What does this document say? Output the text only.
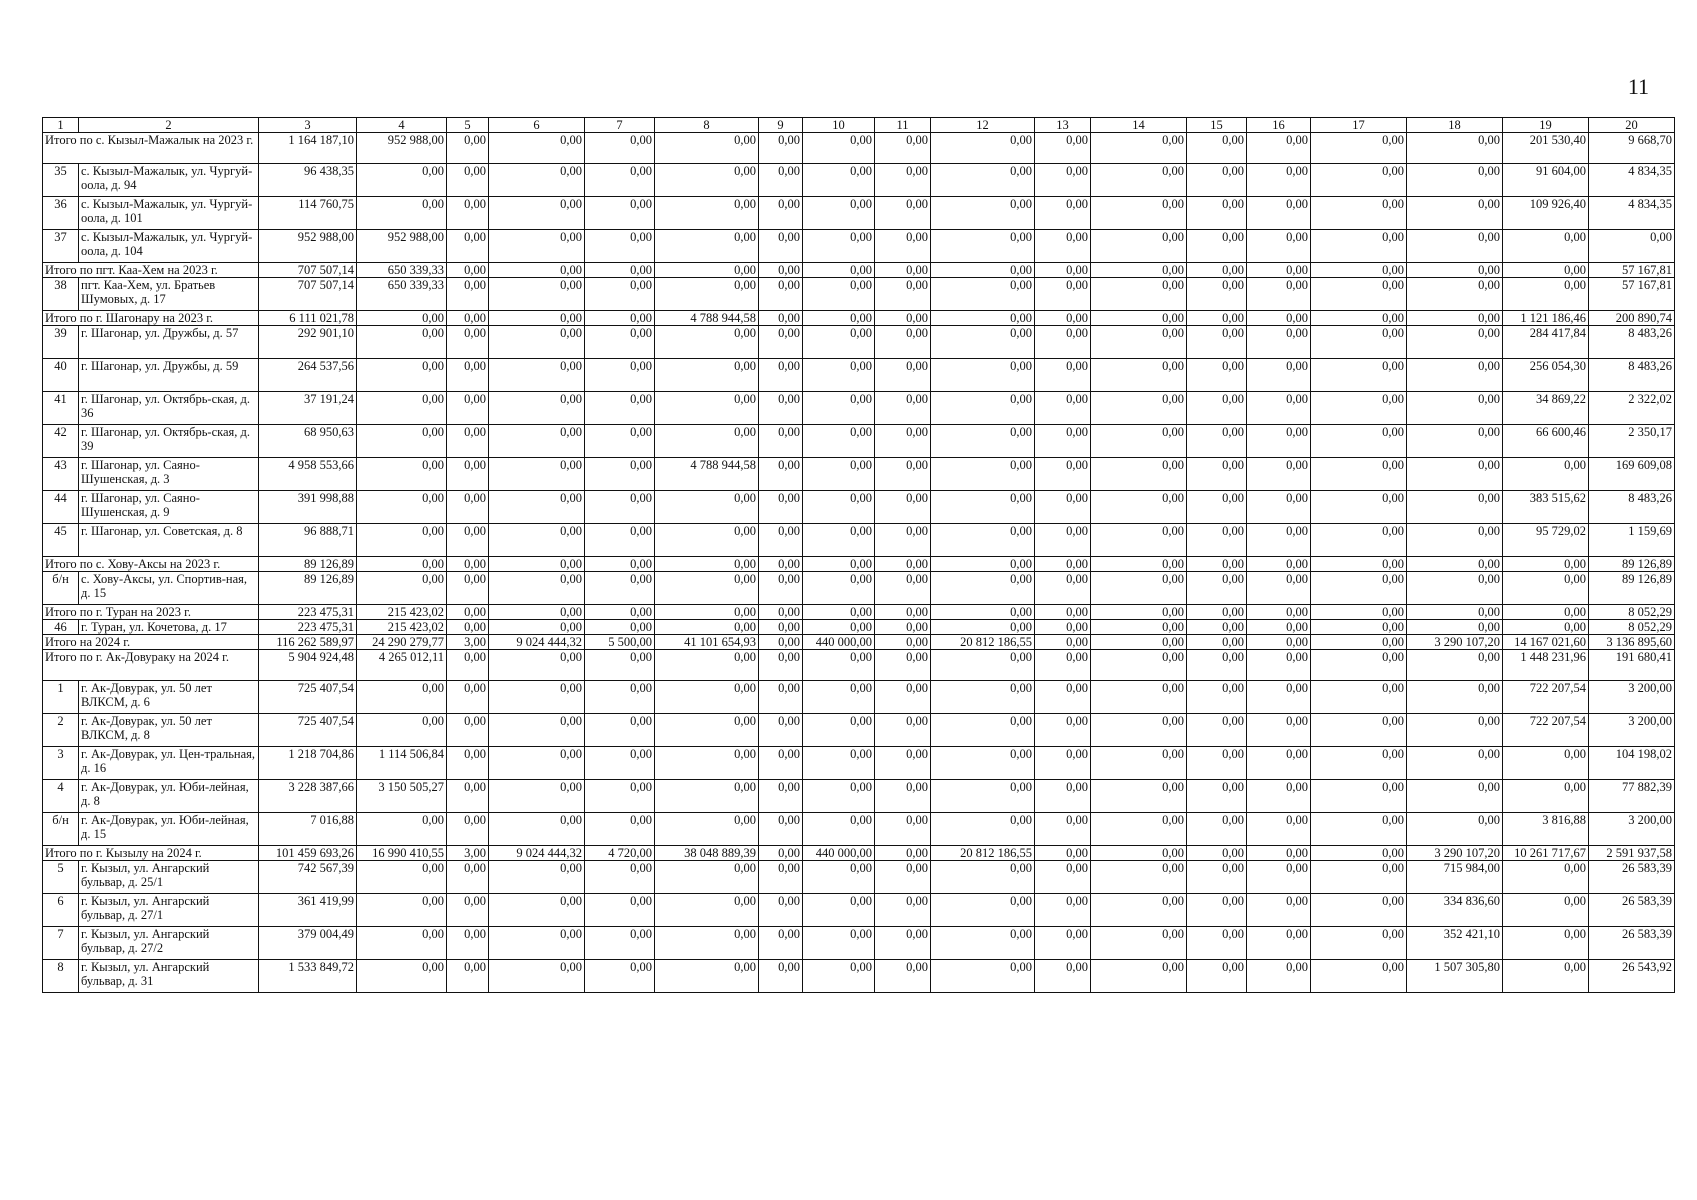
11
1	2	3	4	5	6	7	8	9	10	11	12	13	14	15	16	17	18	19	20
Итого по с. Кызыл-Мажалык на 2023 г.		1 164 187,10	952 988,00	0,00	0,00	0,00	0,00	0,00	0,00	0,00	0,00	0,00	0,00	0,00	0,00	0,00	0,00	201 530,40	9 668,70
35	с. Кызыл-Мажалык, ул. Чургуй-оола, д. 94	96 438,35	0,00	0,00	0,00	0,00	0,00	0,00	0,00	0,00	0,00	0,00	0,00	0,00	0,00	0,00	0,00	91 604,00	4 834,35
36	с. Кызыл-Мажалык, ул. Чургуй-оола, д. 101	114 760,75	0,00	0,00	0,00	0,00	0,00	0,00	0,00	0,00	0,00	0,00	0,00	0,00	0,00	0,00	0,00	109 926,40	4 834,35
37	с. Кызыл-Мажалык, ул. Чургуй-оола, д. 104	952 988,00	952 988,00	0,00	0,00	0,00	0,00	0,00	0,00	0,00	0,00	0,00	0,00	0,00	0,00	0,00	0,00	0,00	0,00
Итого по пгт. Каа-Хем на 2023 г.		707 507,14	650 339,33	0,00	0,00	0,00	0,00	0,00	0,00	0,00	0,00	0,00	0,00	0,00	0,00	0,00	0,00	0,00	57 167,81
38	пгт. Каа-Хем, ул. Братьев Шумовых, д. 17	707 507,14	650 339,33	0,00	0,00	0,00	0,00	0,00	0,00	0,00	0,00	0,00	0,00	0,00	0,00	0,00	0,00	0,00	57 167,81
Итого по г. Шагонару на 2023 г.		6 111 021,78	0,00	0,00	0,00	0,00	4 788 944,58	0,00	0,00	0,00	0,00	0,00	0,00	0,00	0,00	0,00	0,00	1 121 186,46	200 890,74
39	г. Шагонар, ул. Дружбы, д. 57	292 901,10	0,00	0,00	0,00	0,00	0,00	0,00	0,00	0,00	0,00	0,00	0,00	0,00	0,00	0,00	0,00	284 417,84	8 483,26
40	г. Шагонар, ул. Дружбы, д. 59	264 537,56	0,00	0,00	0,00	0,00	0,00	0,00	0,00	0,00	0,00	0,00	0,00	0,00	0,00	0,00	0,00	256 054,30	8 483,26
41	г. Шагонар, ул. Октябрь-ская, д. 36	37 191,24	0,00	0,00	0,00	0,00	0,00	0,00	0,00	0,00	0,00	0,00	0,00	0,00	0,00	0,00	0,00	34 869,22	2 322,02
42	г. Шагонар, ул. Октябрь-ская, д. 39	68 950,63	0,00	0,00	0,00	0,00	0,00	0,00	0,00	0,00	0,00	0,00	0,00	0,00	0,00	0,00	0,00	66 600,46	2 350,17
43	г. Шагонар, ул. Саяно-Шушенская, д. 3	4 958 553,66	0,00	0,00	0,00	0,00	4 788 944,58	0,00	0,00	0,00	0,00	0,00	0,00	0,00	0,00	0,00	0,00	0,00	169 609,08
44	г. Шагонар, ул. Саяно-Шушенская, д. 9	391 998,88	0,00	0,00	0,00	0,00	0,00	0,00	0,00	0,00	0,00	0,00	0,00	0,00	0,00	0,00	0,00	383 515,62	8 483,26
45	г. Шагонар, ул. Советская, д. 8	96 888,71	0,00	0,00	0,00	0,00	0,00	0,00	0,00	0,00	0,00	0,00	0,00	0,00	0,00	0,00	0,00	95 729,02	1 159,69
Итого по с. Хову-Аксы на 2023 г.		89 126,89	0,00	0,00	0,00	0,00	0,00	0,00	0,00	0,00	0,00	0,00	0,00	0,00	0,00	0,00	0,00	0,00	89 126,89
б/н	с. Хову-Аксы, ул. Спортив-ная, д. 15	89 126,89	0,00	0,00	0,00	0,00	0,00	0,00	0,00	0,00	0,00	0,00	0,00	0,00	0,00	0,00	0,00	0,00	89 126,89
Итого по г. Туран на 2023 г.		223 475,31	215 423,02	0,00	0,00	0,00	0,00	0,00	0,00	0,00	0,00	0,00	0,00	0,00	0,00	0,00	0,00	0,00	8 052,29
46	г. Туран, ул. Кочетова, д. 17	223 475,31	215 423,02	0,00	0,00	0,00	0,00	0,00	0,00	0,00	0,00	0,00	0,00	0,00	0,00	0,00	0,00	0,00	8 052,29
Итого на 2024 г.		116 262 589,97	24 290 279,77	3,00	9 024 444,32	5 500,00	41 101 654,93	0,00	440 000,00	0,00	20 812 186,55	0,00	0,00	0,00	0,00	0,00	3 290 107,20	14 167 021,60	3 136 895,60
Итого по г. Ак-Довураку на 2024 г.		5 904 924,48	4 265 012,11	0,00	0,00	0,00	0,00	0,00	0,00	0,00	0,00	0,00	0,00	0,00	0,00	0,00	0,00	1 448 231,96	191 680,41
1	г. Ак-Довурак, ул. 50 лет ВЛКСМ, д. 6	725 407,54	0,00	0,00	0,00	0,00	0,00	0,00	0,00	0,00	0,00	0,00	0,00	0,00	0,00	0,00	0,00	722 207,54	3 200,00
2	г. Ак-Довурак, ул. 50 лет ВЛКСМ, д. 8	725 407,54	0,00	0,00	0,00	0,00	0,00	0,00	0,00	0,00	0,00	0,00	0,00	0,00	0,00	0,00	0,00	722 207,54	3 200,00
3	г. Ак-Довурак, ул. Цен-тральная, д. 16	1 218 704,86	1 114 506,84	0,00	0,00	0,00	0,00	0,00	0,00	0,00	0,00	0,00	0,00	0,00	0,00	0,00	0,00	0,00	104 198,02
4	г. Ак-Довурак, ул. Юби-лейная, д. 8	3 228 387,66	3 150 505,27	0,00	0,00	0,00	0,00	0,00	0,00	0,00	0,00	0,00	0,00	0,00	0,00	0,00	0,00	0,00	77 882,39
б/н	г. Ак-Довурак, ул. Юби-лейная, д. 15	7 016,88	0,00	0,00	0,00	0,00	0,00	0,00	0,00	0,00	0,00	0,00	0,00	0,00	0,00	0,00	0,00	3 816,88	3 200,00
Итого по г. Кызылу на 2024 г.		101 459 693,26	16 990 410,55	3,00	9 024 444,32	4 720,00	38 048 889,39	0,00	440 000,00	0,00	20 812 186,55	0,00	0,00	0,00	0,00	0,00	3 290 107,20	10 261 717,67	2 591 937,58
5	г. Кызыл, ул. Ангарский бульвар, д. 25/1	742 567,39	0,00	0,00	0,00	0,00	0,00	0,00	0,00	0,00	0,00	0,00	0,00	0,00	0,00	0,00	715 984,00	0,00	26 583,39
6	г. Кызыл, ул. Ангарский бульвар, д. 27/1	361 419,99	0,00	0,00	0,00	0,00	0,00	0,00	0,00	0,00	0,00	0,00	0,00	0,00	0,00	0,00	334 836,60	0,00	26 583,39
7	г. Кызыл, ул. Ангарский бульвар, д. 27/2	379 004,49	0,00	0,00	0,00	0,00	0,00	0,00	0,00	0,00	0,00	0,00	0,00	0,00	0,00	0,00	352 421,10	0,00	26 583,39
8	г. Кызыл, ул. Ангарский бульвар, д. 31	1 533 849,72	0,00	0,00	0,00	0,00	0,00	0,00	0,00	0,00	0,00	0,00	0,00	0,00	0,00	0,00	1 507 305,80	0,00	26 543,92
